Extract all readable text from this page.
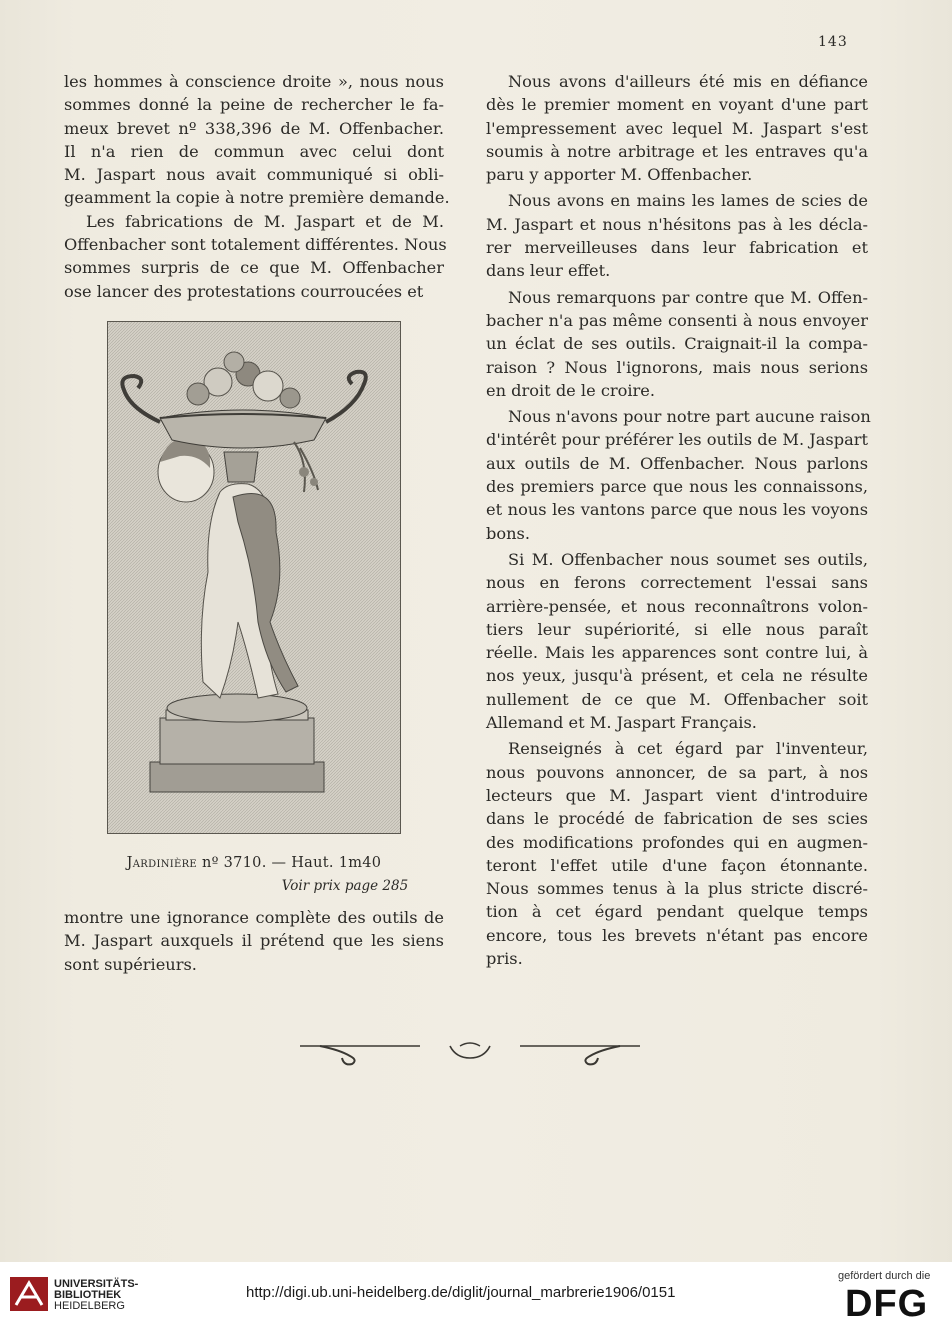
143

les hommes à conscience droite », nous nous
sommes donné la peine de rechercher le fa-
meux brevet nº 338,396 de M. Offenbacher.
Il n'a rien de commun avec celui dont
M. Jaspart nous avait communiqué si obli-
geamment la copie à notre première demande.

Les fabrications de M. Jaspart et de M.
Offenbacher sont totalement différentes. Nous
sommes surpris de ce que M. Offenbacher
ose lancer des protestations courroucées et

Jardinière nº 3710. — Haut. 1m40
Voir prix page 285

montre une ignorance complète des outils de
M. Jaspart auxquels il prétend que les siens
sont supérieurs.

Nous avons d'ailleurs été mis en défiance
dès le premier moment en voyant d'une part
l'empressement avec lequel M. Jaspart s'est
soumis à notre arbitrage et les entraves qu'a
paru y apporter M. Offenbacher.

Nous avons en mains les lames de scies de
M. Jaspart et nous n'hésitons pas à les décla-
rer merveilleuses dans leur fabrication et
dans leur effet.

Nous remarquons par contre que M. Offen-
bacher n'a pas même consenti à nous envoyer
un éclat de ses outils. Craignait-il la compa-
raison ? Nous l'ignorons, mais nous serions
en droit de le croire.

Nous n'avons pour notre part aucune raison
d'intérêt pour préférer les outils de M. Jaspart
aux outils de M. Offenbacher. Nous parlons
des premiers parce que nous les connaissons,
et nous les vantons parce que nous les voyons
bons.

Si M. Offenbacher nous soumet ses outils,
nous en ferons correctement l'essai sans
arrière-pensée, et nous reconnaîtrons volon-
tiers leur supériorité, si elle nous paraît
réelle. Mais les apparences sont contre lui, à
nos yeux, jusqu'à présent, et cela ne résulte
nullement de ce que M. Offenbacher soit
Allemand et M. Jaspart Français.

Renseignés à cet égard par l'inventeur,
nous pouvons annoncer, de sa part, à nos
lecteurs que M. Jaspart vient d'introduire
dans le procédé de fabrication de ses scies
des modifications profondes qui en augmen-
teront l'effet utile d'une façon étonnante.
Nous sommes tenus à la plus stricte discré-
tion à cet égard pendant quelque temps
encore, tous les brevets n'étant pas encore
pris.

UNIVERSITÄTS-
BIBLIOTHEK
HEIDELBERG
http://digi.ub.uni-heidelberg.de/diglit/journal_marbrerie1906/0151
gefördert durch die
DFG
